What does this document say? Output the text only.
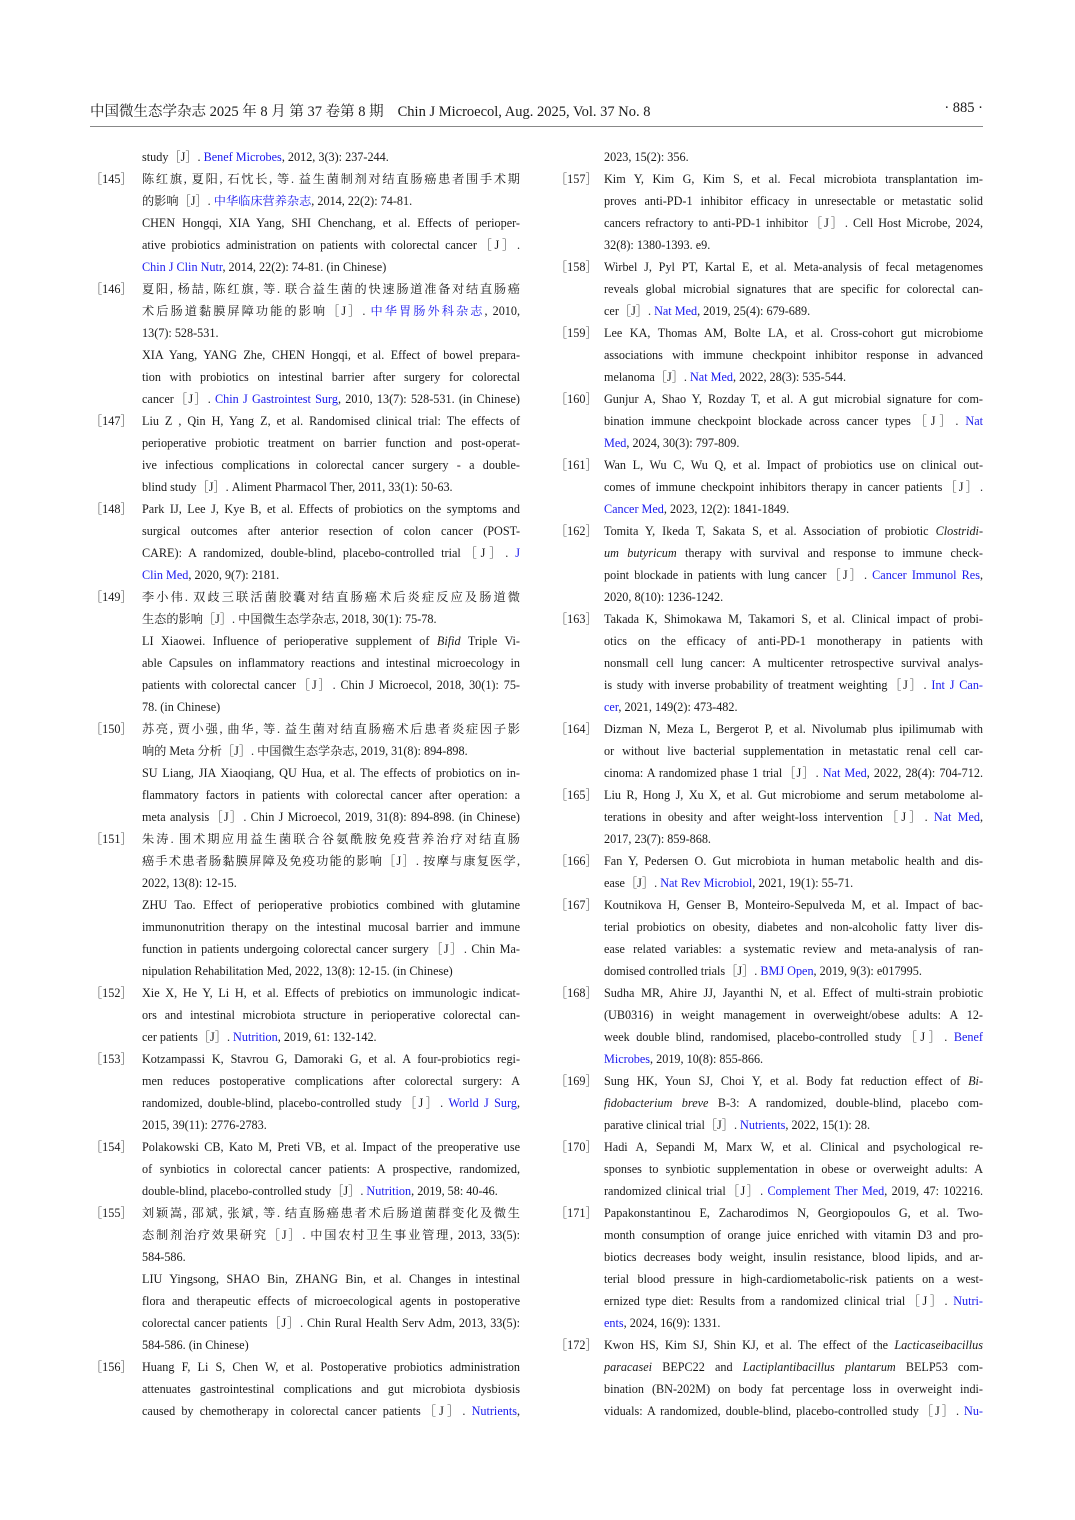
中国微生态学杂志 2025 年 8 月 第 37 卷第 8 期 Chin J Microecol, Aug. 2025, Vol. 37 No. 8	· 885 ·
study［J］. Benef Microbes, 2012, 3(3): 237-244.
［145］ 陈红旗, 夏阳, 石忱长, 等. 益生菌制剂对结直肠癌患者围手术期
的影响［J］. 中华临床营养杂志, 2014, 22(2): 74-81.
CHEN Hongqi, XIA Yang, SHI Chenchang, et al. Effects of perioper-
ative probiotics administration on patients with colorectal cancer［J］.
Chin J Clin Nutr, 2014, 22(2): 74-81. (in Chinese)
［146］ 夏阳, 杨喆, 陈红旗, 等. 联合益生菌的快速肠道准备对结直肠癌
术后肠道黏膜屏障功能的影响［J］. 中华胃肠外科杂志, 2010,
13(7): 528-531.
XIA Yang, YANG Zhe, CHEN Hongqi, et al. Effect of bowel prepara-
tion with probiotics on intestinal barrier after surgery for colorectal
cancer［J］. Chin J Gastrointest Surg, 2010, 13(7): 528-531. (in Chinese)
［147］ Liu Z , Qin H, Yang Z, et al. Randomised clinical trial: The effects of
perioperative probiotic treatment on barrier function and post-operat-
ive infectious complications in colorectal cancer surgery - a double-
blind study［J］. Aliment Pharmacol Ther, 2011, 33(1): 50-63.
［148］ Park IJ, Lee J, Kye B, et al. Effects of probiotics on the symptoms and
surgical outcomes after anterior resection of colon cancer (POST-
CARE): A randomized, double-blind, placebo-controlled trial［J］. J
Clin Med, 2020, 9(7): 2181.
［149］ 李小伟. 双歧三联活菌胶囊对结直肠癌术后炎症反应及肠道微
生态的影响［J］. 中国微生态学杂志, 2018, 30(1): 75-78.
LI Xiaowei. Influence of perioperative supplement of Bifid Triple Vi-
able Capsules on inflammatory reactions and intestinal microecology in
patients with colorectal cancer［J］. Chin J Microecol, 2018, 30(1): 75-
78. (in Chinese)
［150］ 苏亮, 贾小强, 曲华, 等. 益生菌对结直肠癌术后患者炎症因子影
响的 Meta 分析［J］. 中国微生态学杂志, 2019, 31(8): 894-898.
SU Liang, JIA Xiaoqiang, QU Hua, et al. The effects of probiotics on in-
flammatory factors in patients with colorectal cancer after operation: a
meta analysis［J］. Chin J Microecol, 2019, 31(8): 894-898. (in Chinese)
［151］ 朱涛. 围术期应用益生菌联合谷氨酰胺免疫营养治疗对结直肠
癌手术患者肠黏膜屏障及免疫功能的影响［J］. 按摩与康复医学,
2022, 13(8): 12-15.
ZHU Tao. Effect of perioperative probiotics combined with glutamine
immunonutrition therapy on the intestinal mucosal barrier and immune
function in patients undergoing colorectal cancer surgery［J］. Chin Ma-
nipulation Rehabilitation Med, 2022, 13(8): 12-15. (in Chinese)
［152］ Xie X, He Y, Li H, et al. Effects of prebiotics on immunologic indicat-
ors and intestinal microbiota structure in perioperative colorectal can-
cer patients［J］. Nutrition, 2019, 61: 132-142.
［153］ Kotzampassi K, Stavrou G, Damoraki G, et al. A four-probiotics regi-
men reduces postoperative complications after colorectal surgery: A
randomized, double-blind, placebo-controlled study［J］. World J Surg,
2015, 39(11): 2776-2783.
［154］ Polakowski CB, Kato M, Preti VB, et al. Impact of the preoperative use
of synbiotics in colorectal cancer patients: A prospective, randomized,
double-blind, placebo-controlled study［J］. Nutrition, 2019, 58: 40-46.
［155］ 刘颖嵩, 邵斌, 张斌, 等. 结直肠癌患者术后肠道菌群变化及微生
态制剂治疗效果研究［J］. 中国农村卫生事业管理, 2013, 33(5):
584-586.
LIU Yingsong, SHAO Bin, ZHANG Bin, et al. Changes in intestinal
flora and therapeutic effects of microecological agents in postoperative
colorectal cancer patients［J］. Chin Rural Health Serv Adm, 2013, 33(5):
584-586. (in Chinese)
［156］ Huang F, Li S, Chen W, et al. Postoperative probiotics administration
attenuates gastrointestinal complications and gut microbiota dysbiosis
caused by chemotherapy in colorectal cancer patients［J］. Nutrients,
2023, 15(2): 356.
［157］ Kim Y, Kim G, Kim S, et al. Fecal microbiota transplantation im-
proves anti-PD-1 inhibitor efficacy in unresectable or metastatic solid
cancers refractory to anti-PD-1 inhibitor［J］. Cell Host Microbe, 2024,
32(8): 1380-1393. e9.
［158］ Wirbel J, Pyl PT, Kartal E, et al. Meta-analysis of fecal metagenomes
reveals global microbial signatures that are specific for colorectal can-
cer［J］. Nat Med, 2019, 25(4): 679-689.
［159］ Lee KA, Thomas AM, Bolte LA, et al. Cross-cohort gut microbiome
associations with immune checkpoint inhibitor response in advanced
melanoma［J］. Nat Med, 2022, 28(3): 535-544.
［160］ Gunjur A, Shao Y, Rozday T, et al. A gut microbial signature for com-
bination immune checkpoint blockade across cancer types［J］. Nat
Med, 2024, 30(3): 797-809.
［161］ Wan L, Wu C, Wu Q, et al. Impact of probiotics use on clinical out-
comes of immune checkpoint inhibitors therapy in cancer patients［J］.
Cancer Med, 2023, 12(2): 1841-1849.
［162］ Tomita Y, Ikeda T, Sakata S, et al. Association of probiotic Clostridi-
um butyricum therapy with survival and response to immune check-
point blockade in patients with lung cancer［J］. Cancer Immunol Res,
2020, 8(10): 1236-1242.
［163］ Takada K, Shimokawa M, Takamori S, et al. Clinical impact of probi-
otics on the efficacy of anti-PD-1 monotherapy in patients with
nonsmall cell lung cancer: A multicenter retrospective survival analys-
is study with inverse probability of treatment weighting［J］. Int J Can-
cer, 2021, 149(2): 473-482.
［164］ Dizman N, Meza L, Bergerot P, et al. Nivolumab plus ipilimumab with
or without live bacterial supplementation in metastatic renal cell car-
cinoma: A randomized phase 1 trial［J］. Nat Med, 2022, 28(4): 704-712.
［165］ Liu R, Hong J, Xu X, et al. Gut microbiome and serum metabolome al-
terations in obesity and after weight-loss intervention［J］. Nat Med,
2017, 23(7): 859-868.
［166］ Fan Y, Pedersen O. Gut microbiota in human metabolic health and dis-
ease［J］. Nat Rev Microbiol, 2021, 19(1): 55-71.
［167］ Koutnikova H, Genser B, Monteiro-Sepulveda M, et al. Impact of bac-
terial probiotics on obesity, diabetes and non-alcoholic fatty liver dis-
ease related variables: a systematic review and meta-analysis of ran-
domised controlled trials［J］. BMJ Open, 2019, 9(3): e017995.
［168］ Sudha MR, Ahire JJ, Jayanthi N, et al. Effect of multi-strain probiotic
(UB0316) in weight management in overweight/obese adults: A 12-
week double blind, randomised, placebo-controlled study［J］. Benef
Microbes, 2019, 10(8): 855-866.
［169］ Sung HK, Youn SJ, Choi Y, et al. Body fat reduction effect of Bi-
fidobacterium breve B-3: A randomized, double-blind, placebo com-
parative clinical trial［J］. Nutrients, 2022, 15(1): 28.
［170］ Hadi A, Sepandi M, Marx W, et al. Clinical and psychological re-
sponses to synbiotic supplementation in obese or overweight adults: A
randomized clinical trial［J］. Complement Ther Med, 2019, 47: 102216.
［171］ Papakonstantinou E, Zacharodimos N, Georgiopoulos G, et al. Two-
month consumption of orange juice enriched with vitamin D3 and pro-
biotics decreases body weight, insulin resistance, blood lipids, and ar-
terial blood pressure in high-cardiometabolic-risk patients on a west-
ernized type diet: Results from a randomized clinical trial［J］. Nutri-
ents, 2024, 16(9): 1331.
［172］ Kwon HS, Kim SJ, Shin KJ, et al. The effect of the Lacticaseibacillus
paracasei BEPC22 and Lactiplantibacillus plantarum BELP53 com-
bination (BN-202M) on body fat percentage loss in overweight indi-
viduals: A randomized, double-blind, placebo-controlled study［J］. Nu-
